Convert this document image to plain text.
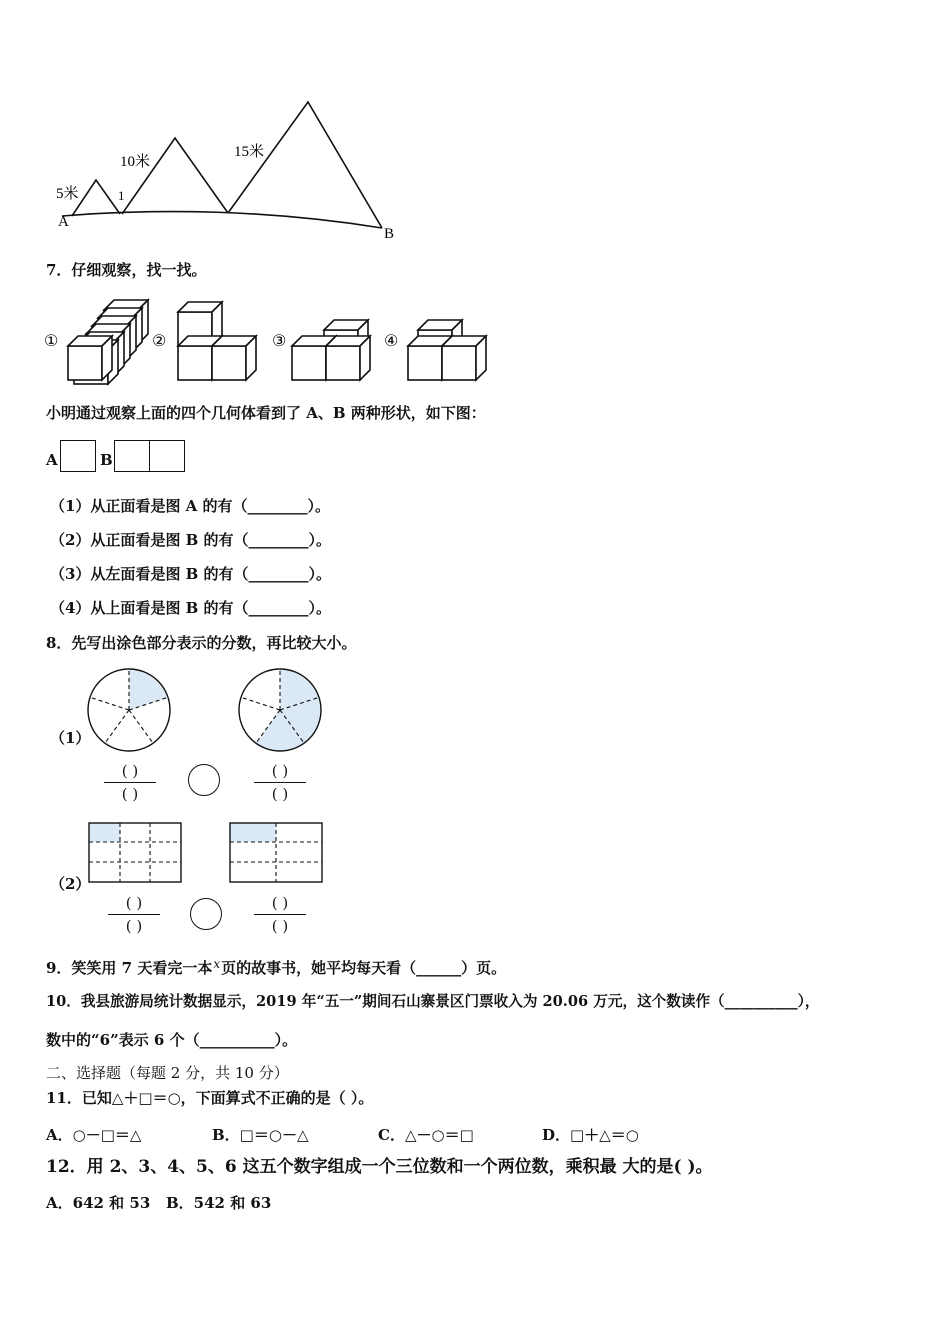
5米
10米
15米
1
A
B
7．仔细观察，找一找。
①	②	③	④
小明通过观察上面的四个几何体看到了 A、B 两种形状，如下图：
A	B
（1）从正面看是图 A 的有（________）。
（2）从正面看是图 B 的有（________）。
（3）从左面看是图 B 的有（________）。
（4）从上面看是图 B 的有（________）。
8．先写出涂色部分表示的分数，再比较大小。
（1）
( )
( )
( )
( )
（2）
( )
( )
( )
( )
9．笑笑用 7 天看完一本$^x$页的故事书，她平均每天看（______）页。
10．我县旅游局统计数据显示，2019 年“五一”期间石山寨景区门票收入为 20.06 万元，这个数读作（__________），
数中的“6”表示 6 个（__________）。
二、选择题（每题 2 分，共 10 分）
11．已知△＋□＝○，下面算式不正确的是（ ）。
A．○－□＝△	B．□＝○－△	C．△－○＝□	D．□＋△＝○
12．用 2、3、4、5、6 这五个数字组成一个三位数和一个两位数，乘积最 大的是( )。
A．642 和 53 B．542 和 63
